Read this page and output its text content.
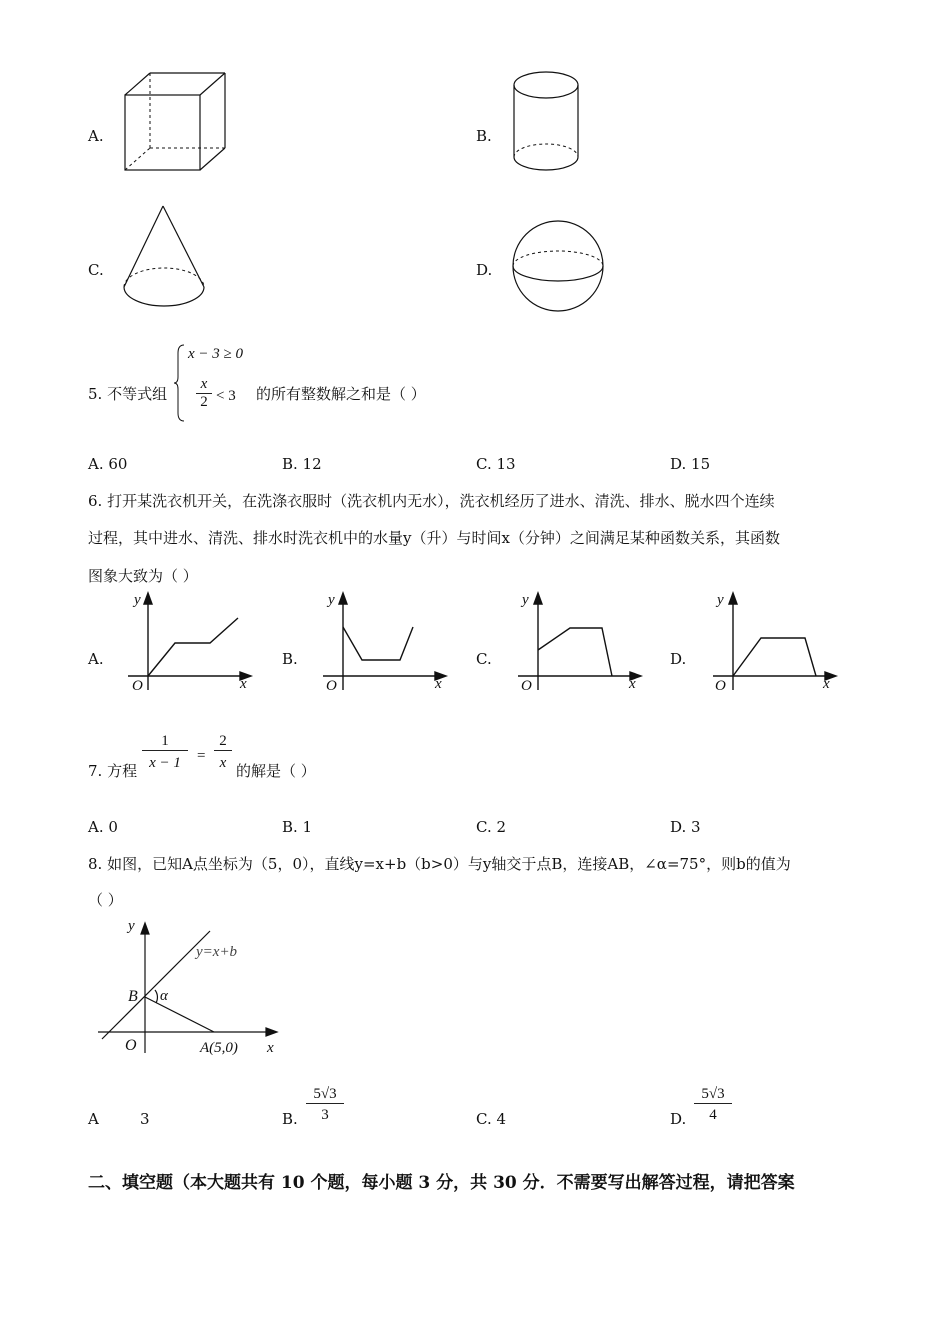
A.	B.
C.	D.
5. 不等式组
x − 3 ≥ 0
$\frac{x}{2} < 3$ 的所有整数解之和是（ ）
A. 60	B. 12	C. 13	D. 15
6. 打开某洗衣机开关，在洗涤衣服时（洗衣机内无水），洗衣机经历了进水、清洗、排水、脱水四个连续
过程，其中进水、清洗、排水时洗衣机中的水量y（升）与时间x（分钟）之间满足某种函数关系，其函数
图象大致为（ ）
A.
y
x
O
B.
y
x
O
C.
y
x
O
D.
y
x
O
7. 方程 $\frac{1}{x - 1} = \frac{2}{x}$ 的解是（ ）
A. 0	B. 1	C. 2	D. 3
8. 如图，已知A点坐标为（5，0），直线y=x+b（b>0）与y轴交于点B，连接AB，∠α=75°，则b的值为
（ ）
y
y=x+b
B α
O	A(5,0) x
A	3	B. $\frac{5√3}{3}$	C. 4	D. $\frac{5√3}{4}$
二、填空题（本大题共有 10 个题，每小题 3 分，共 30 分．不需要写出解答过程，请把答案
